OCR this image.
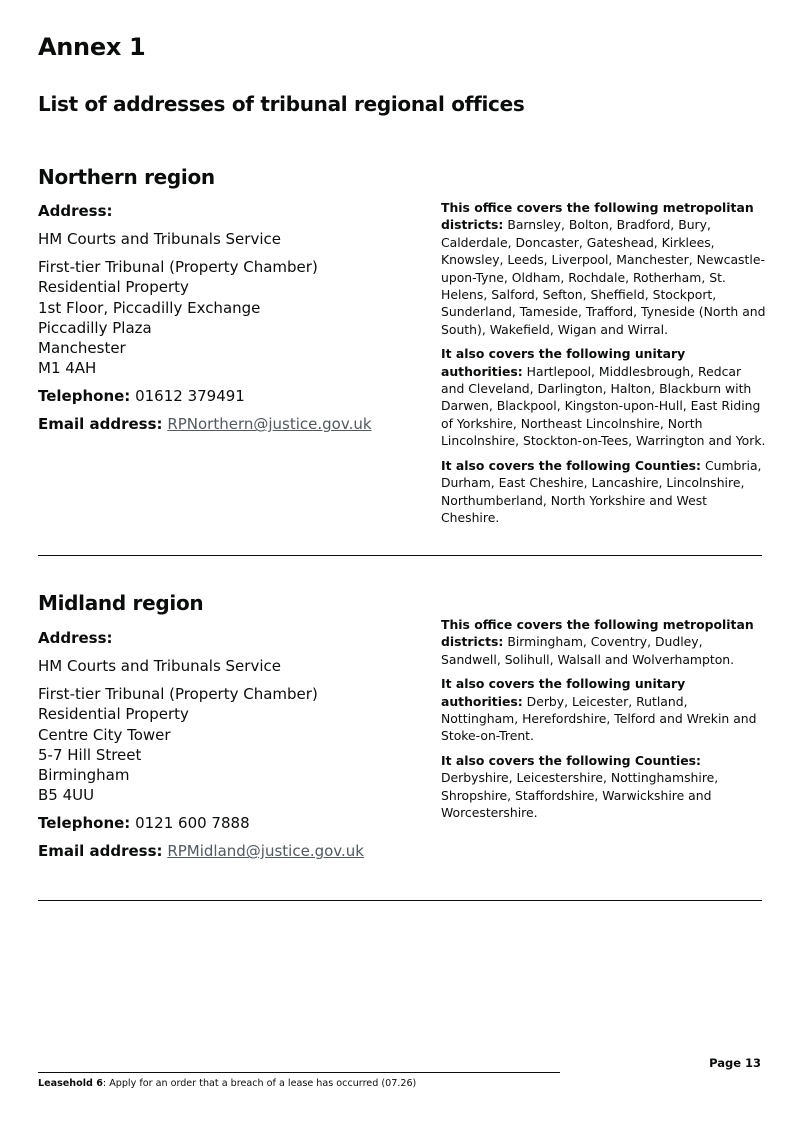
Annex 1
List of addresses of tribunal regional offices
Northern region

Address:

HM Courts and Tribunals Service

First-tier Tribunal (Property Chamber)
Residential Property
1st Floor, Piccadilly Exchange
Piccadilly Plaza
Manchester
M1 4AH

Telephone: 01612 379491

Email address: RPNorthern@justice.gov.uk

This office covers the following metropolitan districts: Barnsley, Bolton, Bradford, Bury, Calderdale, Doncaster, Gateshead, Kirklees, Knowsley, Leeds, Liverpool, Manchester, Newcastle-upon-Tyne, Oldham, Rochdale, Rotherham, St. Helens, Salford, Sefton, Sheffield, Stockport, Sunderland, Tameside, Trafford, Tyneside (North and South), Wakefield, Wigan and Wirral.

It also covers the following unitary authorities: Hartlepool, Middlesbrough, Redcar and Cleveland, Darlington, Halton, Blackburn with Darwen, Blackpool, Kingston-upon-Hull, East Riding of Yorkshire, Northeast Lincolnshire, North Lincolnshire, Stockton-on-Tees, Warrington and York.

It also covers the following Counties: Cumbria, Durham, East Cheshire, Lancashire, Lincolnshire, Northumberland, North Yorkshire and West Cheshire.

Midland region

Address:

HM Courts and Tribunals Service

First-tier Tribunal (Property Chamber)
Residential Property
Centre City Tower
5-7 Hill Street
Birmingham
B5 4UU

Telephone: 0121 600 7888

Email address: RPMidland@justice.gov.uk

This office covers the following metropolitan districts: Birmingham, Coventry, Dudley, Sandwell, Solihull, Walsall and Wolverhampton.

It also covers the following unitary authorities: Derby, Leicester, Rutland, Nottingham, Herefordshire, Telford and Wrekin and Stoke-on-Trent.

It also covers the following Counties: Derbyshire, Leicestershire, Nottinghamshire, Shropshire, Staffordshire, Warwickshire and Worcestershire.

Page 13
Leasehold 6: Apply for an order that a breach of a lease has occurred (07.26)
